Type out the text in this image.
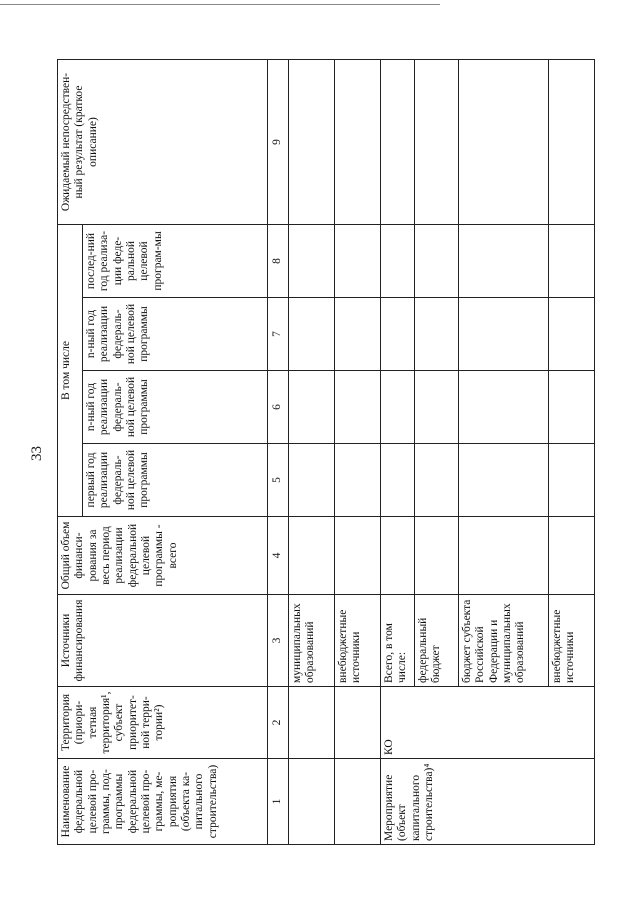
33
Наименование федеральной целевой про-граммы, под-программы федеральной целевой про-граммы, ме-роприятия (объекта ка-питального строительства)	Территория (приори-тетная территория¹, субъект приоритет-ной терри-тории²)	Источники финансирования	Общий объем финанси-рования за весь период реализации федеральной целевой программы - всего	В том числе				Ожидаемый непосредствен-ный результат (краткое описание)
				первый год реализации федераль-ной целевой программы	n-ный год реализации федераль-ной целевой программы	n-ный год реализации федераль-ной целевой программы	послед-ний год реализа-ции феде-ральной целевой програм-мы	
1	2	3	4	5	6	7	8	9
		муниципальных образований						
		внебюджетные источники						
Мероприятие (объект капитального строительства)⁴	КО	Всего, в том числе:						
		федеральный бюджет						
		бюджет субъекта Российской Федерации и муниципальных образований						
		внебюджетные источники						
